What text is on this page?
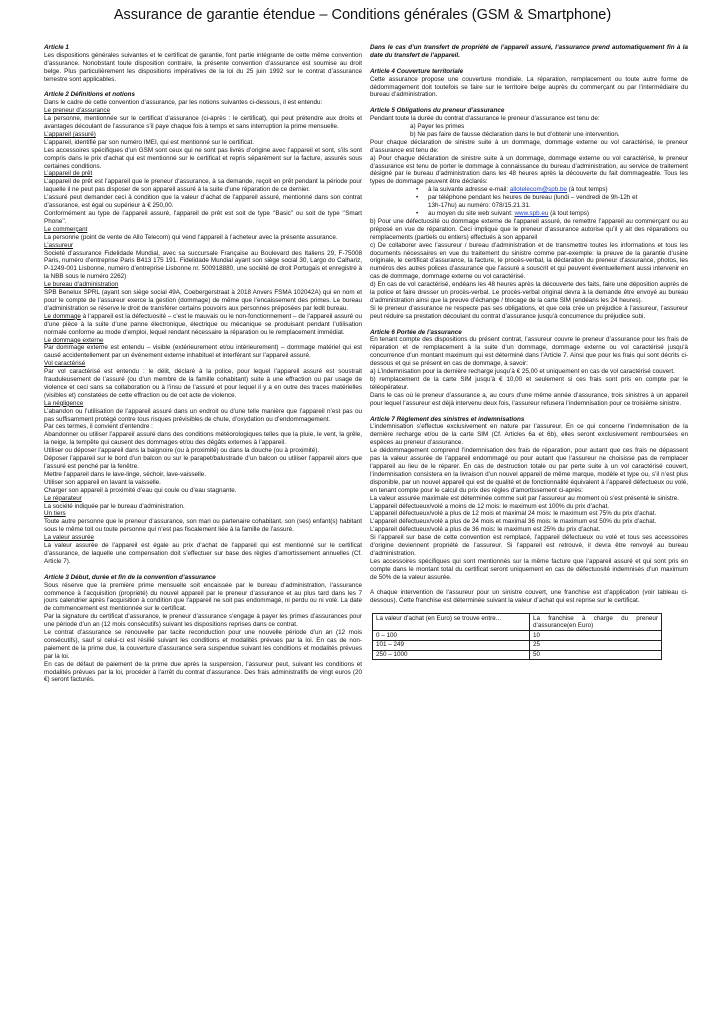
Assurance de garantie étendue – Conditions générales (GSM & Smartphone)

Article 1

Les dispositions générales suivantes et le certificat de garantie, font partie intégrante de cette même convention d’assurance. Nonobstant toute disposition contraire, la présente convention d’assurance est soumise au droit belge. Plus particulièrement les dispositions impératives de la loi du 25 juin 1992 sur le contrat d’assurance terrestre sont applicables.

Article 2 Définitions et notions

Dans le cadre de cette convention d’assurance, par les notions suivantes ci-dessous, il est entendu:

Le preneur d’assurance

La personne, mentionnée sur le certificat d’assurance (ci-après : le certificat), qui peut prétendre aux droits et avantages découlant de l’assurance s’il paye chaque fois à temps et sans interruption la prime mensuelle.

L’appareil (assuré)

L’appareil, identifié par son numéro IMEI, qui est mentionné sur le certificat.

Les accessoires spécifiques d’un GSM sont ceux qui ne sont pas livrés d’origine avec l’appareil et sont, s’ils sont compris dans le prix d’achat qui est mentionné sur le certificat et repris séparément sur la facture, assurés sous certaines conditions.

L’appareil de prêt

L’appareil de prêt est l’appareil que le preneur d’assurance, à sa demande, reçoit en prêt pendant la période pour laquelle il ne peut pas disposer de son appareil assuré à la suite d’une réparation de ce dernier.

L’assuré peut demander ceci à condition que la valeur d’achat de l’appareil assuré, mentionné dans son contrat d’assurance, est égal ou supérieur à € 250,00.

Conformément au type de l’appareil assuré, l’appareil de prêt est soit de type ‘’Basic’’ ou soit de type ‘’Smart Phone’’.

Le commerçant

La personne (point de vente de Allo Telecom) qui vend l’appareil à l’acheteur avec la présente assurance.

L’assureur

Societé d’assurance Fidelidade Mundial, avec sa succursale Française au Boulevard des Italiens 29, F-75008 Paris, numéro d’entreprise Paris B413 175 191. Fidelidade Mundial ayant son siège social 30, Largo do Calhariz, P-1249-001 Lisbonne, numéro d’entreprise Lisbonne nr. 500918880, une société de droit Portugais et enregistré à la NBB sous le numéro 2262)

Le bureau d’administration

SPB Benelux SPRL (ayant son siège social 49A, Coebergerstraat à 2018 Anvers FSMA 102042A) qui en nom et pour le compte de l’assureur exerce la gestion (dommage) de même que l’encaissement des primes. Le bureau d’administration se réserve le droit de transférer certains pouvoirs aux personnes préposées par ledit bureau.

Le dommage à l’appareil est la défectuosité – c’est le mauvais ou le non-fonctionnement – de l’appareil assuré ou d’une pièce à la suite d’une panne électronique, électrique ou mécanique se produisant pendant l’utilisation normale conforme au mode d’emploi, lequel rendant nécessaire la réparation ou le remplacement immédiat.

Le dommage externe

Par dommage externe est entendu – visible (extérieurement et/ou intérieurement) – dommage matériel qui est causé accidentellement par un événement externe inhabituel et interférant sur l’appareil assuré.

Vol caractérisé

Par vol caractérisé est entendu : le délit, déclaré à la police, pour lequel l’appareil assuré est soustrait frauduleusement de l’assuré (ou d’un membre de la famille cohabitant) suite à une effraction ou par usage de violence et ceci sans sa collaboration ou à l’insu de l’assuré et pour lequel il y a en outre des traces matérielles (visibles et) constatées de cette effraction ou de cet acte de violence.

La négligence

L’abandon ou l’utilisation de l’appareil assuré dans un endroit ou d’une telle manière que l’appareil n’est pas ou pas suffisamment protégé contre tous risques prévisibles de chute, d’oxydation ou d’endommagement.

Par ces termes, il convient d’entendre :

Abandonner ou utiliser l’appareil assuré dans des conditions météorologiques telles que la pluie, le vent, la grêle, la neige, la tempête qui causent des dommages et/ou des dégâts externes à l’appareil.

Utiliser ou déposer l’appareil dans la baignoire (ou à proximité) ou dans la douche (ou à proximité).

Déposer l’appareil sur le bord d’un balcon ou sur le parapet/balustrade d’un balcon ou utiliser l’appareil alors que l’assuré est penché par la fenêtre.

Mettre l’appareil dans le lave-linge, séchoir, lave-vaisselle.

Utiliser son appareil en lavant la vaisselle.

Charger son appareil à proximité d’eau qui coule ou d’eau stagnante.

Le réparateur

La société indiquée par le bureau d’administration.

Un tiers

Toute autre personne que le preneur d’assurance, son mari ou partenaire cohabitant, son (ses) enfant(s) habitant sous le même toit ou toute personne qui n’est pas fiscalement liée à la famille de l’assuré.

La valeur assurée

La valeur assurée de l’appareil est égale au prix d’achat de l’appareil qui est mentionné sur le certificat d’assurance, de laquelle une compensation doit s’effectuer sur base des règles d’amortissement annuelles (Cf. Article 7).

Article 3 Début, durée et fin de la convention d’assurance

Sous réserve que la première prime mensuelle soit encaissée par le bureau d’administration, l’assurance commence à l’acquisition (propriété) du nouvel appareil par le preneur d’assurance et au plus tard dans les 7 jours calendrier après l’acquisition à condition que l’appareil ne soit pas endommagé, ni perdu ou ni volé. La date de commencement est mentionnée sur le certificat.

Par la signature du certificat d’assurance, le preneur d’assurance s’engage à payer les primes d’assurances pour une période d’un an (12 mois consécutifs) suivant les dispositions reprises dans ce contrat.

Le contrat d’assurance se renouvelle par tacite reconduction pour une nouvelle période d’un an (12 mois consécutifs), sauf si celui-ci est résilié suivant les conditions et modalités prévues par la loi. En cas de non-paiement de la prime due, la couverture d’assurance sera suspendue suivant les conditions et modalités prévues par la loi.

En cas de défaut de paiement de la prime due après la suspension, l’assureur peut, suivant les conditions et modalités prévues par la loi, procéder à l’arrêt du contrat d’assurance. Des frais administratifs de vingt euros (20 €) seront facturés.

Dans le cas d’un transfert de propriété de l’appareil assuré, l’assurance prend automatiquement fin à la date du transfert de l’appareil.

Article 4 Couverture territoriale

Cette assurance propose une couverture mondiale. La réparation, remplacement ou toute autre forme de dédommagement doit toutefois se faire sur le territoire belge auprès du commerçant ou par l’intermédiaire du bureau d’administration.

Article 5 Obligations du preneur d’assurance

Pendant toute la durée du contrat d’assurance le preneur d’assurance est tenu de:

a) Payer les primes

b) Ne pas faire de fausse déclaration dans le but d’obtenir une intervention.

Pour chaque déclaration de sinistre suite à un dommage, dommage externe ou vol caractérisé, le preneur d’assurance est tenu de:

a) Pour chaque déclaration de sinistre suite à un dommage, dommage externe ou vol caractérisé, le preneur d’assurance est tenu de porter le dommage à connaissance du bureau d’administration, au service de traitement désigné par le bureau d’administration dans les 48 heures après la découverte du fait dommageable. Tous les types de dommage peuvent être déclarés:

• à la suivante adresse e-mail: allotelecom@spb.be (à tout temps)
• par téléphone pendant les heures de bureau (lundi – vendredi de 9h-12h et
13h-17hu) au numéro: 078/15.21.31.
• au moyen du site web suivant: www.spb.eu (à tout temps)

b) Pour une défectuosité ou dommage externe de l’appareil assuré, de remettre l’appareil au commerçant ou au préposé en vue de réparation. Ceci implique que le preneur d’assurance autorise qu’il y ait des réparations ou remplacements (partiels ou entiers) effectués à son appareil

c) De collaborer avec l’assureur / bureau d’administration et de transmettre toutes les informations et tous les documents nécessaires en vue du traitement du sinistre comme par-exemple: la preuve de la garantie d’usine originale, le certificat d’assurance, la facture, le procès-verbal, la déclaration du preneur d’assurance, photos, les numéros des autres polices d’assurance que l’assuré a souscrit et qui peuvent éventuellement aussi intervenir en cas de dommage, dommage externe ou vol caractérisé.

d) En cas de vol caractérisé, endéans les 48 heures après la découverte des faits, faire une déposition auprès de la police et faire dresser un procès-verbal. Le procès-verbal original devra à la demande être envoyé au bureau d’administration ainsi que la preuve d’échange / blocage de la carte SIM (endéans les 24 heures).

Si le preneur d’assurance ne respecte pas ses obligations, et que cela crée un préjudice à l’assureur, l’assureur peut réduire sa prestation découlant du contrat d’assurance jusqu’à concurrence du préjudice subi.

Article 6 Portée de l’assurance

En tenant compte des dispositions du présent contrat, l’assureur couvre le preneur d’assurance pour les frais de réparation et de remplacement à la suite d’un dommage, dommage externe ou vol caractérisé jusqu’à concurrence d’un montant maximum qui est déterminé dans l’Article 7. Ainsi que pour les frais qui sont décrits ci-dessous et qui se présent en cas de dommage, à savoir:

a) L’indemnisation pour la dernière recharge jusqu’à € 25,00 et uniquement en cas de vol caractérisé couvert.

b) remplacement de la carte SIM jusqu’à € 10,00 et seulement si ces frais sont pris en compte par le téléopérateur.

Dans le cas où le preneur d’assurance a, au cours d’une même année d’assurance, trois sinistres à un appareil pour lequel l’assureur est déjà intervenu deux fois, l’assureur refusera l’indemnisation pour ce troisième sinistre.

Article 7 Règlement des sinistres et indemnisations

L’indemnisation s’effectue exclusivement en nature par l’assureur. En ce qui concerne l’indemnisation de la dernière recharge et/ou de la carte SIM (Cf. Articles 6a et 6b), elles seront exclusivement remboursées en espèces au preneur d’assurance.

Le dédommagement comprend l’indemnisation des frais de réparation, pour autant que ces frais ne dépassent pas la valeur assurée de l’appareil endommagé ou pour autant que l’assureur ne choisisse pas de remplacer l’appareil au lieu de le réparer. En cas de destruction totale ou par perte suite à un vol caractérisé couvert, l’indemnisation consistera en la livraison d’un nouvel appareil de même marque, modèle et type ou, s’il n’est plus disponible, par un nouvel appareil qui est de qualité et de fonctionnalité équivalent à l’appareil défectueux ou volé, en tenant compte pour le calcul du prix des règles d’amortissement ci-après:

La valeur assurée maximale est déterminée comme suit par l’assureur au moment où s’est présenté le sinistre.

L’appareil défectueux/volé a moins de 12 mois: le maximum est 100% du prix d’achat.

L’appareil défectueux/volé a plus de 12 mois et maximal 24 mois: le maximum est 75% du prix d’achat.

L’appareil défectueux/volé a plus de 24 mois et maximal 36 mois: le maximum est 50% du prix d’achat.

L’appareil défectueux/volé a plus de 36 mois: le maximum est 25% du prix d’achat.

Si l’appareil sur base de cette convention est remplacé, l’appareil défectueux ou volé et tous ses accessoires d’origine deviennent propriété de l’assureur. Si l’appareil est retrouvé, il devra être renvoyé au bureau d’administration.

Les accessoires spécifiques qui sont mentionnés sur la même facture que l’appareil assuré et qui sont pris en compte dans le montant total du certificat seront uniquement en cas de défectuosité indemnisés d’un maximum de 50% de la valeur assurée.

A chaque intervention de l’assureur pour un sinistre couvert, une franchise est d’application (voir tableau ci-dessous). Cette franchise est déterminée suivant la valeur d’achat qui est reprise sur le certificat.

La valeur d’achat (en Euro) se trouve entre...	La franchise à charge du preneur d’assurance(en Euro)
0 – 100	10
101 – 249	25
250 – 1000	50
